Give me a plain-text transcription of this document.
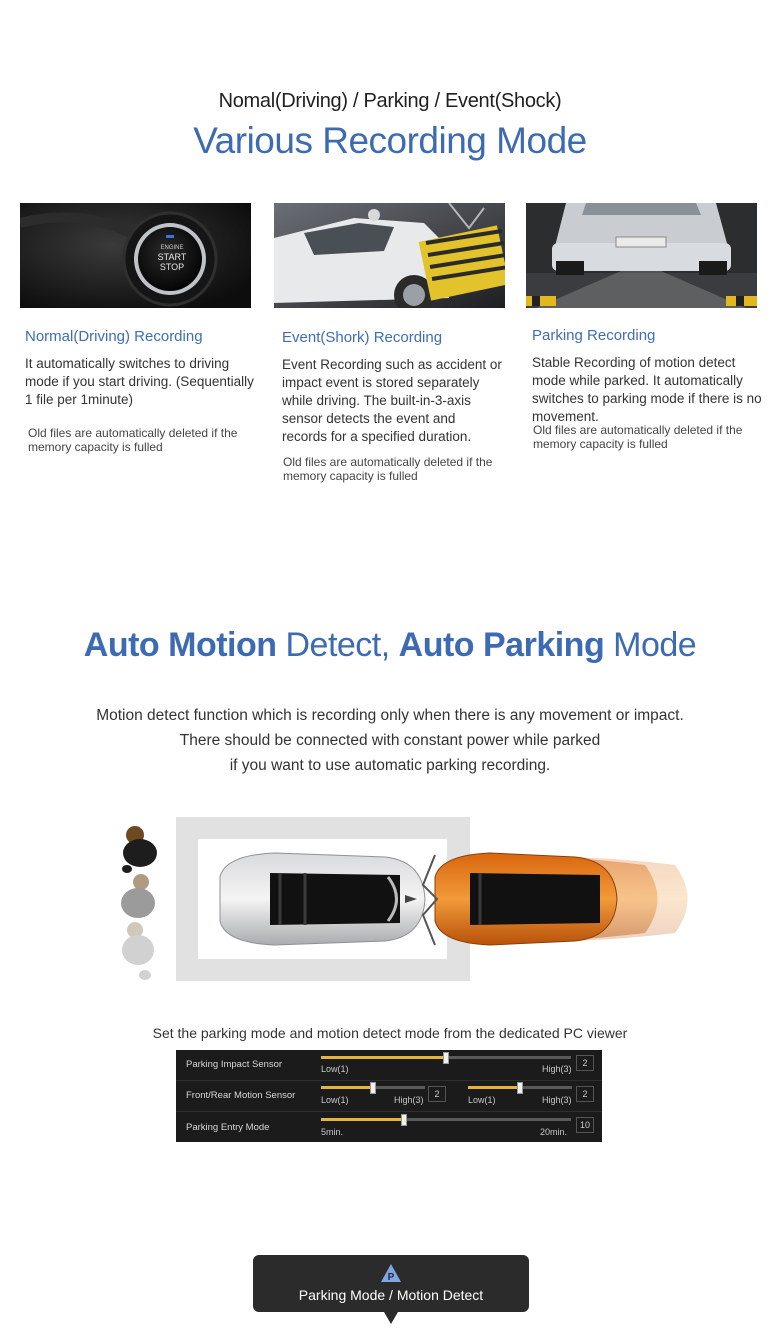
Nomal(Driving) / Parking / Event(Shock)
Various Recording Mode
ENGINE
START
STOP
Normal(Driving) Recording
It automatically switches to driving mode if you start driving. (Sequentially 1 file per 1minute)
Old files are automatically deleted if the memory capacity is fulled
Event(Shork) Recording
Event Recording such as accident or impact event is stored separately while driving. The built-in-3-axis sensor detects the event and records for a specified duration.
Old files are automatically deleted if the memory capacity is fulled
Parking Recording
Stable Recording of motion detect mode while parked. It automatically switches to parking mode if there is no movement.
Old files are automatically deleted if the memory capacity is fulled
Auto Motion Detect, Auto Parking Mode
Motion detect function which is recording only when there is any movement or impact.
There should be connected with constant power while parked
if you want to use automatic parking recording.
Set the parking mode and motion detect mode from the dedicated PC viewer
Parking Impact Sensor	Low(1)	High(3)
2
Front/Rear Motion Sensor	Low(1)	High(3)
2
Low(1)	High(3)
2
Parking Entry Mode	5min.	20min.
10
P
Parking Mode / Motion Detect
